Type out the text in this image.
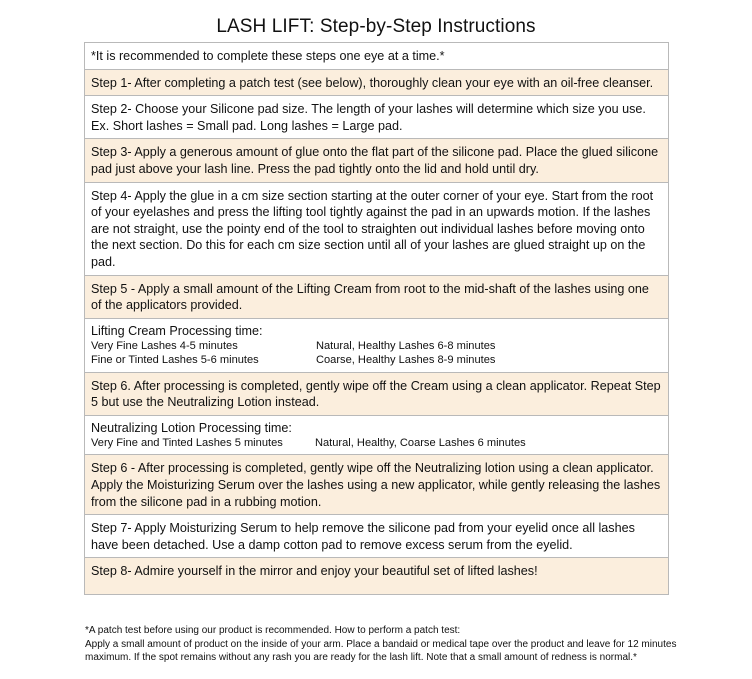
LASH LIFT: Step-by-Step Instructions
*It is recommended to complete these steps one eye at a time.*
Step 1- After completing a patch test (see below), thoroughly clean your eye with an oil-free cleanser.
Step 2- Choose your Silicone pad size. The length of your lashes will determine which size you use. Ex. Short lashes = Small pad. Long lashes = Large pad.
Step 3- Apply a generous amount of glue onto the flat part of the silicone pad. Place the glued silicone pad just above your lash line. Press the pad tightly onto the lid and hold until dry.
Step 4- Apply the glue in a cm size section starting at the outer corner of your eye. Start from the root of your eyelashes and press the lifting tool tightly against the pad in an upwards motion. If the lashes are not straight, use the pointy end of the tool to straighten out individual lashes before moving onto the next section. Do this for each cm size section until all of your lashes are glued straight up on the pad.
Step 5 - Apply a small amount of the Lifting Cream from root to the mid-shaft of the lashes using one of the applicators provided.
Lifting Cream Processing time:
Very Fine Lashes 4-5 minutes	Natural, Healthy Lashes 6-8 minutes
Fine or Tinted Lashes 5-6 minutes	Coarse, Healthy Lashes 8-9 minutes
Step 6. After processing is completed, gently wipe off the Cream using a clean applicator. Repeat Step 5 but use the Neutralizing Lotion instead.
Neutralizing Lotion Processing time:
Very Fine and Tinted Lashes 5 minutes	Natural, Healthy, Coarse Lashes 6 minutes
Step 6 - After processing is completed, gently wipe off the Neutralizing lotion using a clean applicator. Apply the Moisturizing Serum over the lashes using a new applicator, while gently releasing the lashes from the silicone pad in a rubbing motion.
Step 7- Apply Moisturizing Serum to help remove the silicone pad from your eyelid once all lashes have been detached. Use a damp cotton pad to remove excess serum from the eyelid.
Step 8- Admire yourself in the mirror and enjoy your beautiful set of lifted lashes!
*A patch test before using our product is recommended. How to perform a patch test:
Apply a small amount of product on the inside of your arm. Place a bandaid or medical tape over the product and leave for 12 minutes maximum. If the spot remains without any rash you are ready for the lash lift. Note that a small amount of redness is normal.*
